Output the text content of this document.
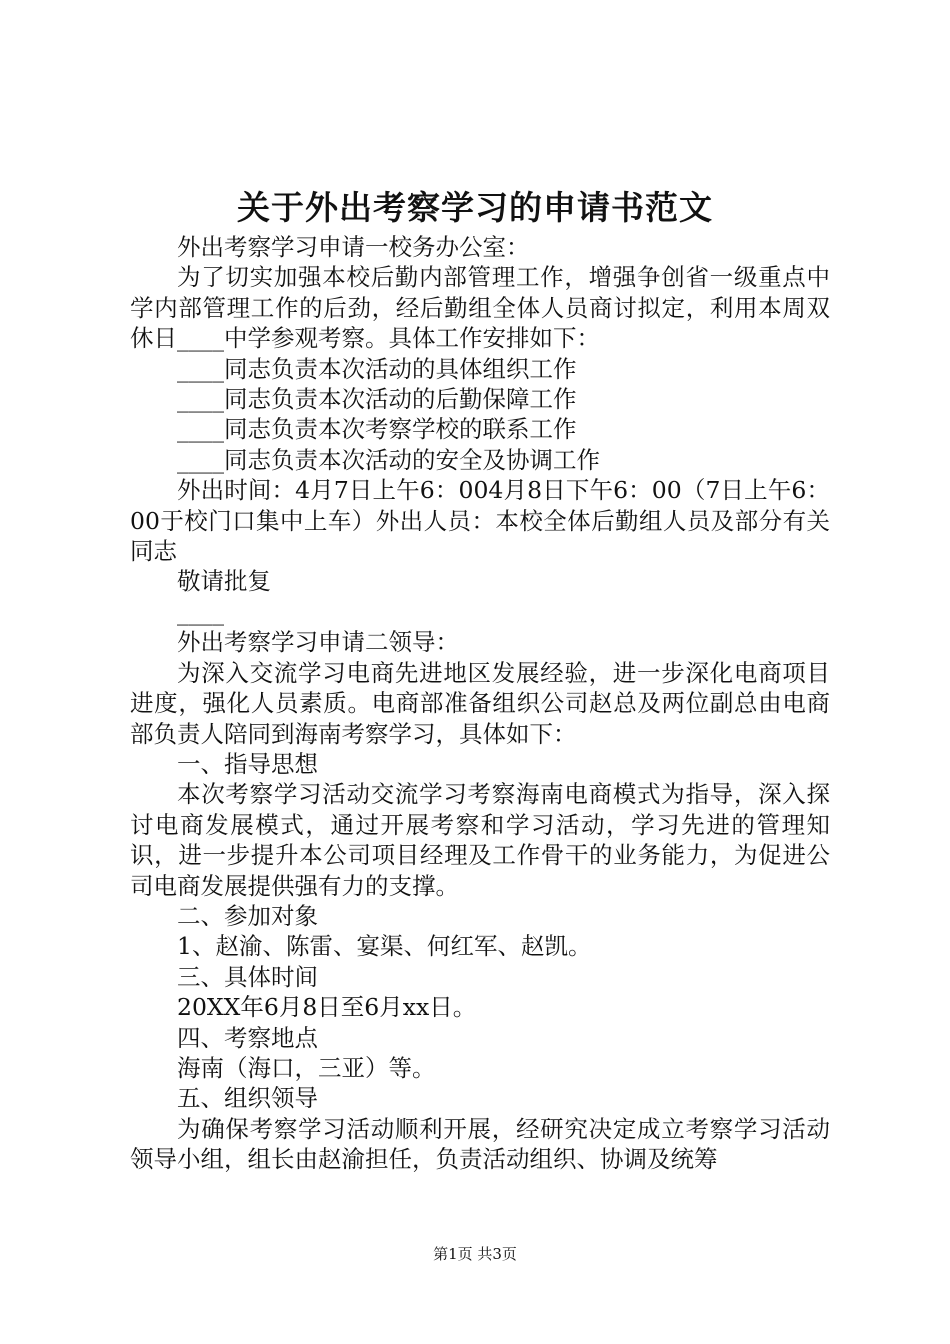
关于外出考察学习的申请书范文

外出考察学习申请一校务办公室：

为了切实加强本校后勤内部管理工作，增强争创省一级重点中学内部管理工作的后劲，经后勤组全体人员商讨拟定，利用本周双休日____中学参观考察。具体工作安排如下：

____同志负责本次活动的具体组织工作

____同志负责本次活动的后勤保障工作

____同志负责本次考察学校的联系工作

____同志负责本次活动的安全及协调工作

外出时间：4月7日上午6：004月8日下午6：00（7日上午6：00于校门口集中上车）外出人员：本校全体后勤组人员及部分有关同志

敬请批复

____

外出考察学习申请二领导：

为深入交流学习电商先进地区发展经验，进一步深化电商项目进度，强化人员素质。电商部准备组织公司赵总及两位副总由电商部负责人陪同到海南考察学习，具体如下：

一、指导思想

本次考察学习活动交流学习考察海南电商模式为指导，深入探讨电商发展模式，通过开展考察和学习活动，学习先进的管理知识，进一步提升本公司项目经理及工作骨干的业务能力，为促进公司电商发展提供强有力的支撑。

二、参加对象

1、赵渝、陈雷、宴渠、何红军、赵凯。

三、具体时间

20XX年6月8日至6月xx日。

四、考察地点

海南（海口，三亚）等。

五、组织领导

为确保考察学习活动顺利开展，经研究决定成立考察学习活动领导小组，组长由赵渝担任，负责活动组织、协调及统筹

第1页 共3页
